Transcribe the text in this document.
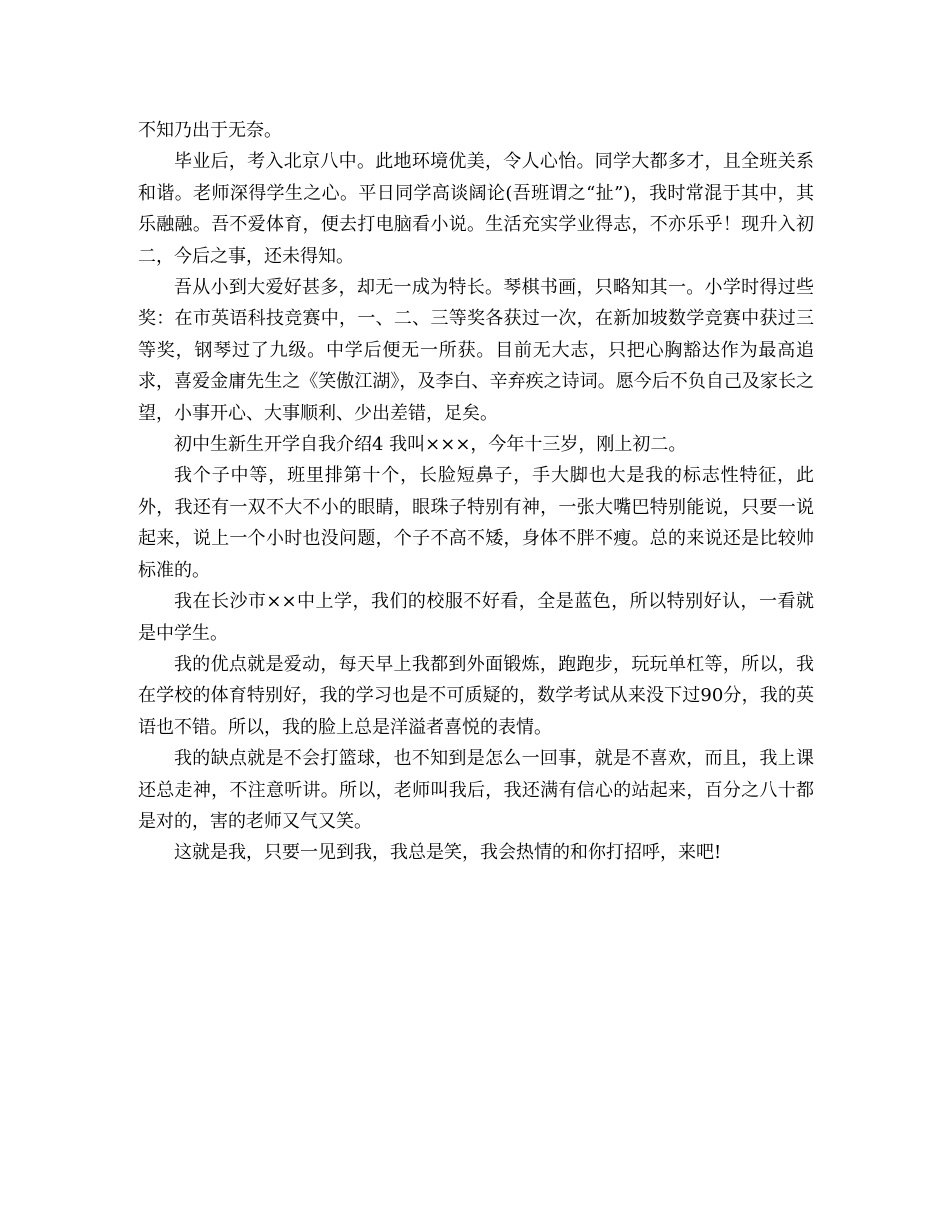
不知乃出于无奈。

毕业后，考入北京八中。此地环境优美，令人心怡。同学大都多才，且全班关系和谐。老师深得学生之心。平日同学高谈阔论(吾班谓之“扯”)，我时常混于其中，其乐融融。吾不爱体育，便去打电脑看小说。生活充实学业得志，不亦乐乎！现升入初二，今后之事，还未得知。

吾从小到大爱好甚多，却无一成为特长。琴棋书画，只略知其一。小学时得过些奖：在市英语科技竞赛中，一、二、三等奖各获过一次，在新加坡数学竞赛中获过三等奖，钢琴过了九级。中学后便无一所获。目前无大志，只把心胸豁达作为最高追求，喜爱金庸先生之《笑傲江湖》，及李白、辛弃疾之诗词。愿今后不负自己及家长之望，小事开心、大事顺利、少出差错，足矣。

初中生新生开学自我介绍4 我叫×××，今年十三岁，刚上初二。

我个子中等，班里排第十个，长脸短鼻子，手大脚也大是我的标志性特征，此外，我还有一双不大不小的眼睛，眼珠子特别有神，一张大嘴巴特别能说，只要一说起来，说上一个小时也没问题，个子不高不矮，身体不胖不瘦。总的来说还是比较帅标准的。

我在长沙市××中上学，我们的校服不好看，全是蓝色，所以特别好认，一看就是中学生。

我的优点就是爱动，每天早上我都到外面锻炼，跑跑步，玩玩单杠等，所以，我在学校的体育特别好，我的学习也是不可质疑的，数学考试从来没下过90分，我的英语也不错。所以，我的脸上总是洋溢者喜悦的表情。

我的缺点就是不会打篮球，也不知到是怎么一回事，就是不喜欢，而且，我上课还总走神，不注意听讲。所以，老师叫我后，我还满有信心的站起来，百分之八十都是对的，害的老师又气又笑。

这就是我，只要一见到我，我总是笑，我会热情的和你打招呼，来吧!
